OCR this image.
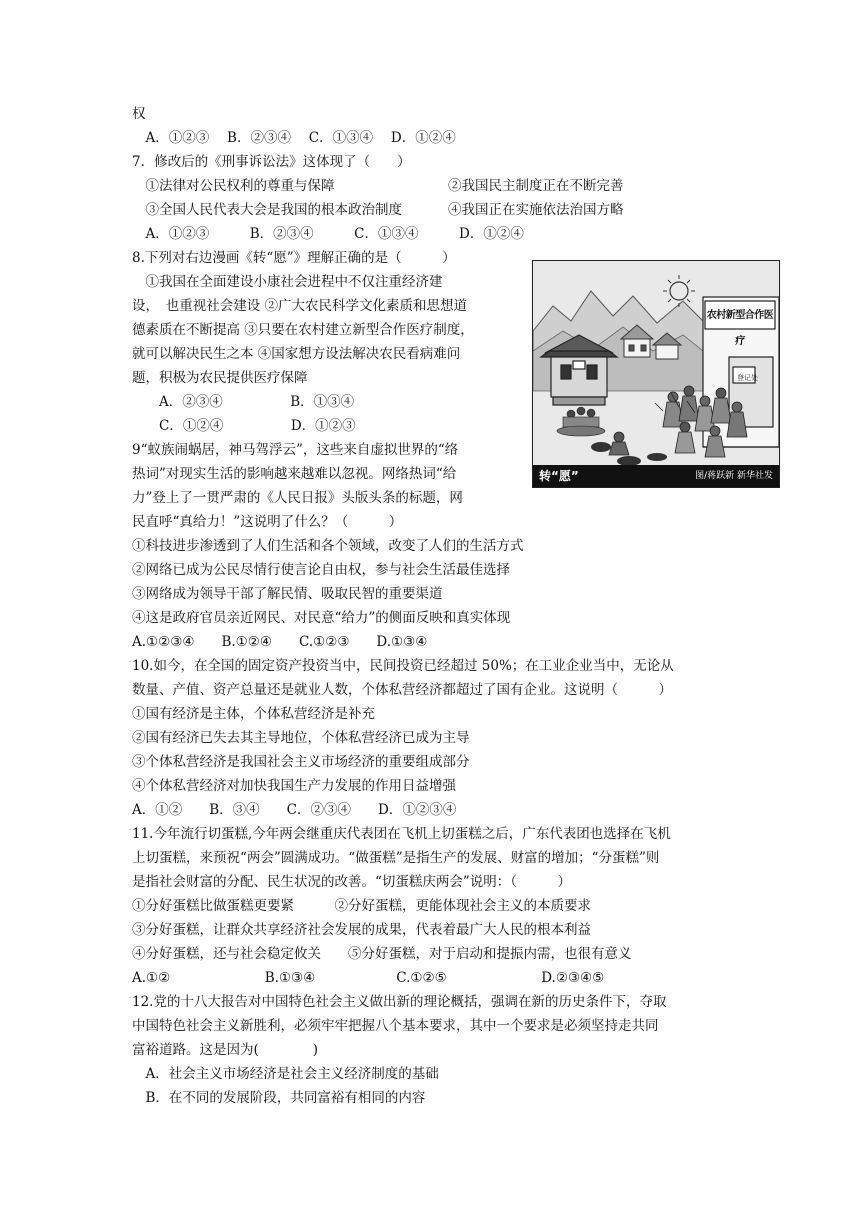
权
　A．①②③　 B．②③④　 C．①③④　 D．①②④
7．修改后的《刑事诉讼法》这体现了（　　）
　①法律对公民权利的尊重与保障	②我国民主制度正在不断完善
　③全国人民代表大会是我国的根本政治制度	④我国正在实施依法治国方略
　A．①②③　　　B．②③④　　　C．①③④　　　D．①②④
8.下列对右边漫画《转“愿”》理解正确的是（　　　）
　①我国在全面建设小康社会进程中不仅注重经济建
设，　也重视社会建设 ②广大农民科学文化素质和思想道
德素质在不断提高 ③只要在农村建立新型合作医疗制度，
就可以解决民生之本 ④国家想方设法解决农民看病难问
题，积极为农民提供医疗保障
　　A．②③④　　　　　B．①③④
　　C．①②④　　　　　D．①②③
9“蚁族闹蜗居，神马驾浮云”，这些来自虚拟世界的“络
热词”对现实生活的影响越来越难以忽视。网络热词“给
力”登上了一贯严肃的《人民日报》头版头条的标题，网
民直呼“真给力！”这说明了什么？（　　　）
①科技进步渗透到了人们生活和各个领域，改变了人们的生活方式
②网络已成为公民尽情行使言论自由权，参与社会生活最佳选择
③网络成为领导干部了解民情、吸取民智的重要渠道
④这是政府官员亲近网民、对民意“给力”的侧面反映和真实体现
A.①②③④　　B.①②④　　C.①②③　　D.①③④
10.如今，在全国的固定资产投资当中，民间投资已经超过 50%；在工业企业当中，无论从
数量、产值、资产总量还是就业人数，个体私营经济都超过了国有企业。这说明（　　　）
①国有经济是主体，个体私营经济是补充
②国有经济已失去其主导地位，个体私营经济已成为主导
③个体私营经济是我国社会主义市场经济的重要组成部分
④个体私营经济对加快我国生产力发展的作用日益增强
A．①②　　B．③④　　C．②③④　　D．①②③④
11.今年流行切蛋糕,今年两会继重庆代表团在飞机上切蛋糕之后，广东代表团也选择在飞机
上切蛋糕，来预祝“两会”圆满成功。“做蛋糕”是指生产的发展、财富的增加；“分蛋糕”则
是指社会财富的分配、民生状况的改善。“切蛋糕庆两会”说明：（　　　）
①分好蛋糕比做蛋糕更要紧　　　②分好蛋糕，更能体现社会主义的本质要求
③分好蛋糕，让群众共享经济社会发展的成果，代表着最广大人民的根本利益
④分好蛋糕，还与社会稳定攸关　　⑤分好蛋糕，对于启动和提振内需，也很有意义
A.①②　　　　　　　B.①③④　　　　　　C.①②⑤　　　　　　　D.②③④⑤
12.党的十八大报告对中国特色社会主义做出新的理论概括，强调在新的历史条件下，夺取
中国特色社会主义新胜利，必须牢牢把握八个基本要求，其中一个要求是必须坚持走共同
富裕道路。这是因为(　　　　)
　A．社会主义市场经济是社会主义经济制度的基础
　B．在不同的发展阶段，共同富裕有相同的内容
农村新型合作医疗
登记处
转“愿”	图/蒋跃新 新华社发
